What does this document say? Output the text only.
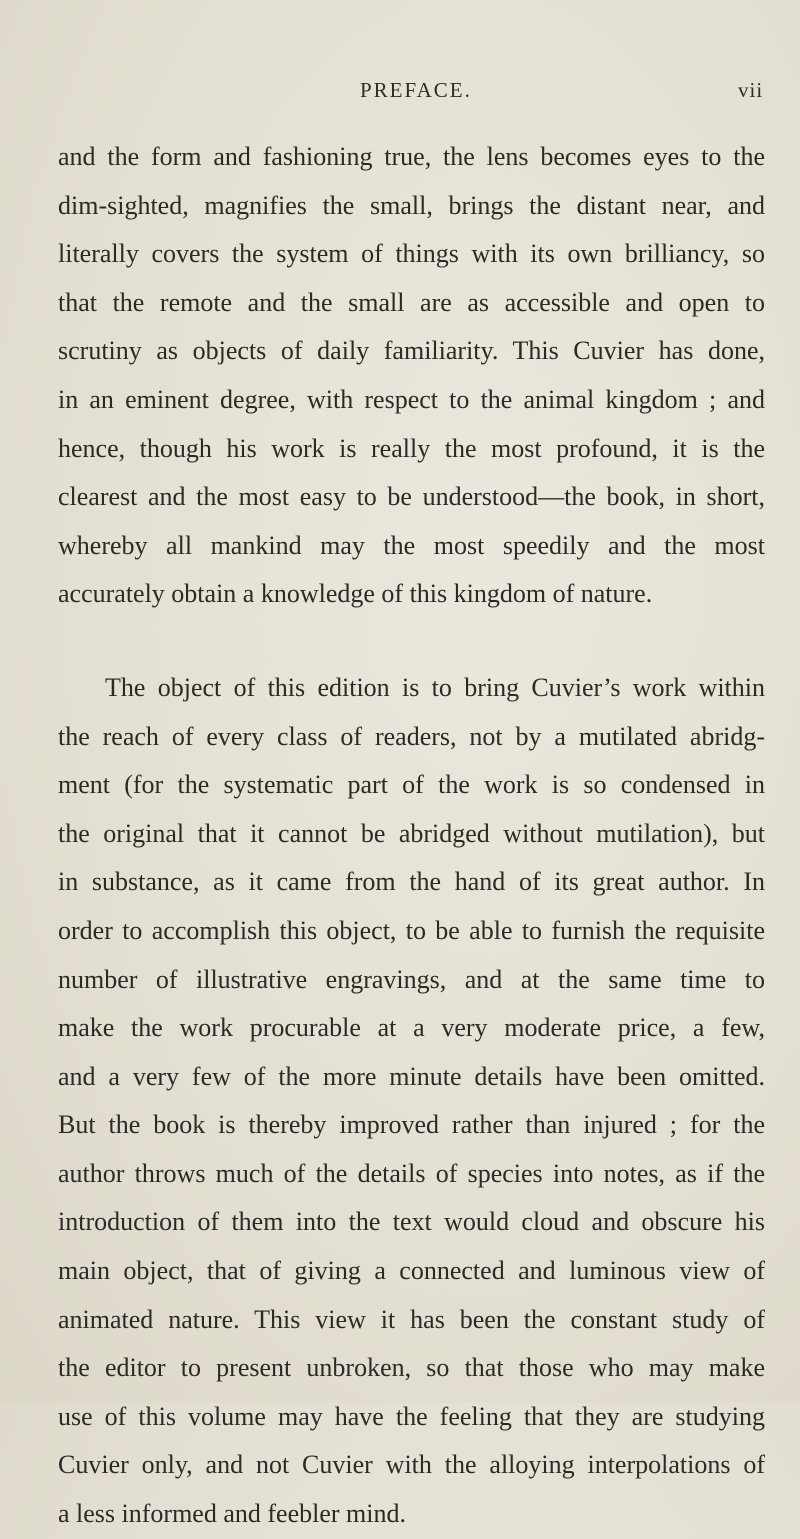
PREFACE.	vii
and the form and fashioning true, the lens becomes eyes to the
dim-sighted, magnifies the small, brings the distant near, and
literally covers the system of things with its own brilliancy, so
that the remote and the small are as accessible and open to
scrutiny as objects of daily familiarity. This Cuvier has done,
in an eminent degree, with respect to the animal kingdom ; and
hence, though his work is really the most profound, it is the
clearest and the most easy to be understood—the book, in short,
whereby all mankind may the most speedily and the most
accurately obtain a knowledge of this kingdom of nature.
The object of this edition is to bring Cuvier’s work within
the reach of every class of readers, not by a mutilated abridg-
ment (for the systematic part of the work is so condensed in
the original that it cannot be abridged without mutilation), but
in substance, as it came from the hand of its great author. In
order to accomplish this object, to be able to furnish the requisite
number of illustrative engravings, and at the same time to
make the work procurable at a very moderate price, a few,
and a very few of the more minute details have been omitted.
But the book is thereby improved rather than injured ; for the
author throws much of the details of species into notes, as if the
introduction of them into the text would cloud and obscure his
main object, that of giving a connected and luminous view of
animated nature. This view it has been the constant study of
the editor to present unbroken, so that those who may make
use of this volume may have the feeling that they are studying
Cuvier only, and not Cuvier with the alloying interpolations of
a less informed and feebler mind.
